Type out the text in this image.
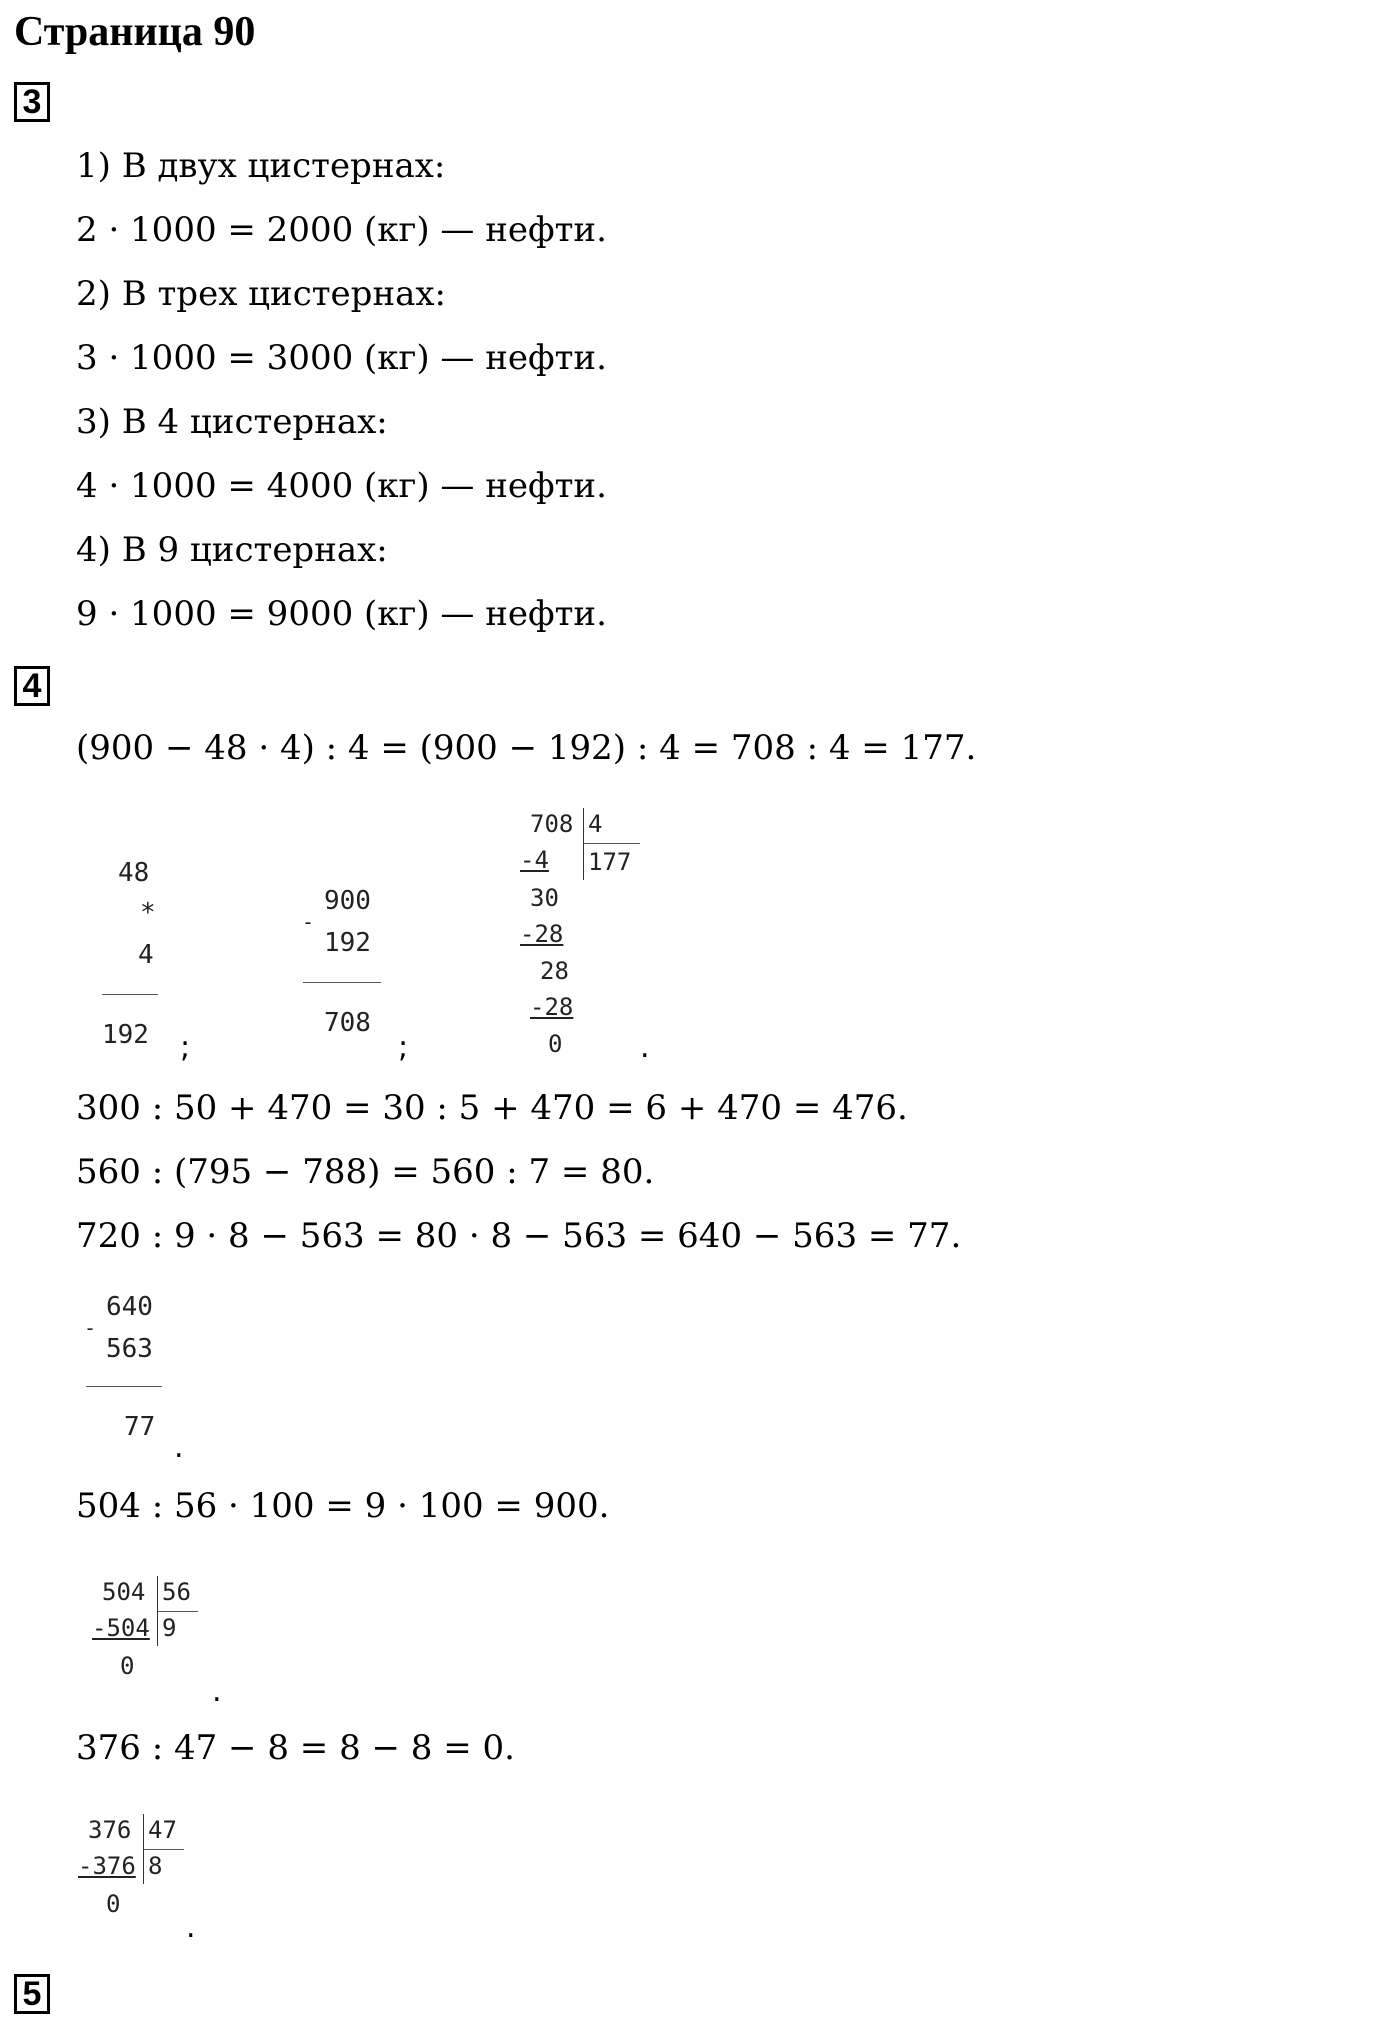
Страница 90
3
1) В двух цистернах:
2 · 1000 = 2000 (кг) — нефти.
2) В трех цистернах:
3 · 1000 = 3000 (кг) — нефти.
3) В 4 цистернах:
4 · 1000 = 4000 (кг) — нефти.
4) В 9 цистернах:
9 · 1000 = 9000 (кг) — нефти.
4
(900 − 48 · 4) : 4 = (900 − 192) : 4 = 708 : 4 = 177.
48
*
4
192 ;
-
900
192
708
;
708 4
177
-4
30
-28
28
-28
0	.
300 : 50 + 470 = 30 : 5 + 470 = 6 + 470 = 476.
560 : (795 − 788) = 560 : 7 = 80.
720 : 9 · 8 − 563 = 80 · 8 − 563 = 640 − 563 = 77.
-
640
563
77
.
504 : 56 · 100 = 9 · 100 = 900.
504 56
-504 9
0
.
376 : 47 − 8 = 8 − 8 = 0.
376 47
-376 8
0
.
5
